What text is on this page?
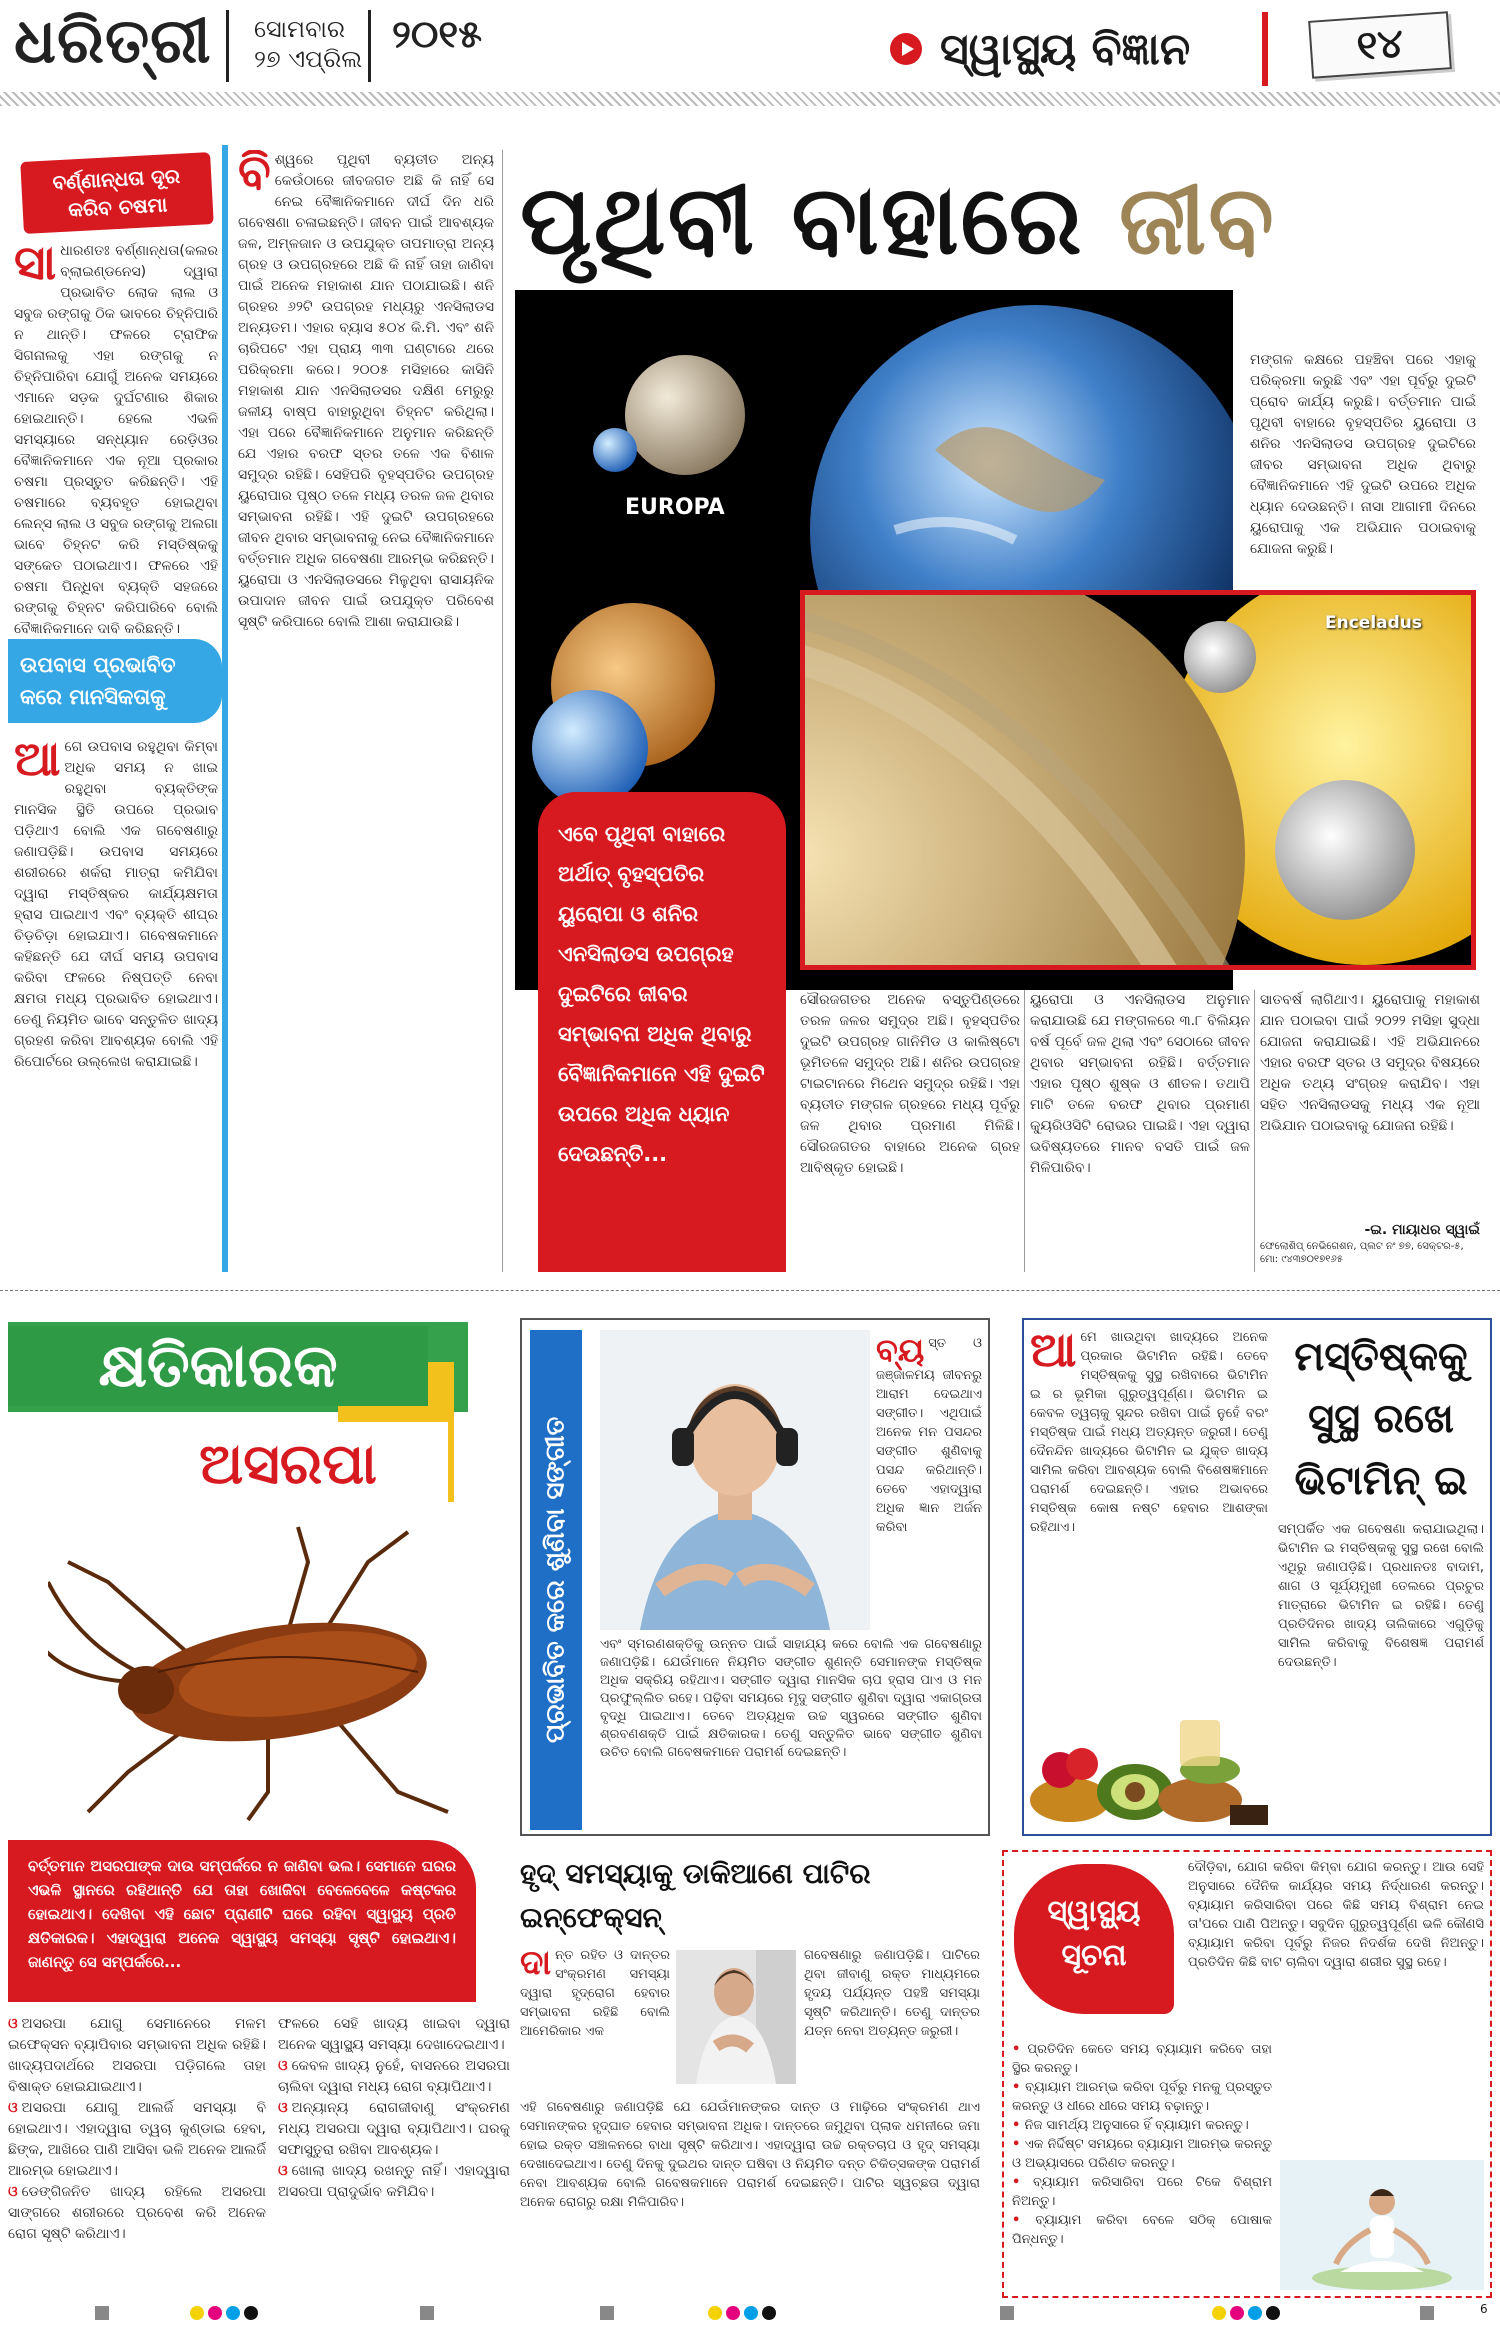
ଧରିତ୍ରୀ ସୋମବାର
୨୭ ଏପ୍ରିଲ
୨୦୧୫	ସ୍ୱାସ୍ଥ୍ୟ ବିଜ୍ଞାନ	୧୪
ବର୍ଣ୍ଣାନ୍ଧତା ଦୂର କରିବ ଚଷମା
ସାଧାରଣତଃ ବର୍ଣ୍ଣାନ୍ଧତା(କଲର ବ୍ଲାଇଣ୍ଡନେସ) ଦ୍ୱାରା ପ୍ରଭାବିତ ଲୋକ ଲାଲ ଓ ସବୁଜ ରଙ୍ଗକୁ ଠିକ ଭାବରେ ଚିହ୍ନିପାରି ନ ଥାନ୍ତି। ଫଳରେ ଟ୍ରାଫିକ ସିଗନାଲକୁ ଏହା ରଙ୍ଗକୁ ନ ଚିହ୍ନିପାରିବା ଯୋଗୁଁ ଅନେକ ସମୟରେ ଏମାନେ ସଡ଼କ ଦୁର୍ଘଟଣାର ଶିକାର ହୋଇଥାନ୍ତି। ହେଲେ ଏଭଳି ସମସ୍ୟାରେ ସନ୍ଧ୍ୟାନ ରେଡ଼ିଓର ବୈଜ୍ଞାନିକମାନେ ଏକ ନୂଆ ପ୍ରକାର ଚଷମା ପ୍ରସ୍ତୁତ କରିଛନ୍ତି। ଏହି ଚଷମାରେ ବ୍ୟବହୃତ ହୋଇଥିବା ଲେନ୍ସ ଲାଲ ଓ ସବୁଜ ରଙ୍ଗକୁ ଅଲଗା ଭାବେ ଚିହ୍ନଟ କରି ମସ୍ତିଷ୍କକୁ ସଙ୍କେତ ପଠାଇଥାଏ। ଫଳରେ ଏହି ଚଷମା ପିନ୍ଧିବା ବ୍ୟକ୍ତି ସହଜରେ ରଙ୍ଗକୁ ଚିହ୍ନଟ କରିପାରିବେ ବୋଲି ବୈଜ୍ଞାନିକମାନେ ଦାବି କରିଛନ୍ତି।
ଉପବାସ ପ୍ରଭାବିତ କରେ ମାନସିକତାକୁ
ଆଗେ ଉପବାସ ରହୁଥିବା କିମ୍ବା ଅଧିକ ସମୟ ନ ଖାଇ ରହୁଥିବା ବ୍ୟକ୍ତିଙ୍କ ମାନସିକ ସ୍ଥିତି ଉପରେ ପ୍ରଭାବ ପଡ଼ିଥାଏ ବୋଲି ଏକ ଗବେଷଣାରୁ ଜଣାପଡ଼ିଛି। ଉପବାସ ସମୟରେ ଶରୀରରେ ଶର୍କରା ମାତ୍ରା କମିଯିବା ଦ୍ୱାରା ମସ୍ତିଷ୍କର କାର୍ଯ୍ୟକ୍ଷମତା ହ୍ରାସ ପାଇଥାଏ ଏବଂ ବ୍ୟକ୍ତି ଶୀଘ୍ର ଚିଡ଼ଚିଡ଼ା ହୋଇଯାଏ। ଗବେଷକମାନେ କହିଛନ୍ତି ଯେ ଦୀର୍ଘ ସମୟ ଉପବାସ କରିବା ଫଳରେ ନିଷ୍ପତ୍ତି ନେବା କ୍ଷମତା ମଧ୍ୟ ପ୍ରଭାବିତ ହୋଇଥାଏ। ତେଣୁ ନିୟମିତ ଭାବେ ସନ୍ତୁଳିତ ଖାଦ୍ୟ ଗ୍ରହଣ କରିବା ଆବଶ୍ୟକ ବୋଲି ଏହି ରିପୋର୍ଟରେ ଉଲ୍ଲେଖ କରାଯାଇଛି।
ବିଶ୍ୱରେ ପୃଥିବୀ ବ୍ୟତୀତ ଅନ୍ୟ କେଉଁଠାରେ ଜୀବଜଗତ ଅଛି କି ନାହିଁ ସେ ନେଇ ବୈଜ୍ଞାନିକମାନେ ଦୀର୍ଘ ଦିନ ଧରି ଗବେଷଣା ଚଳାଇଛନ୍ତି। ଜୀବନ ପାଇଁ ଆବଶ୍ୟକ ଜଳ, ଅମ୍ଳଜାନ ଓ ଉପଯୁକ୍ତ ତାପମାତ୍ରା ଅନ୍ୟ ଗ୍ରହ ଓ ଉପଗ୍ରହରେ ଅଛି କି ନାହିଁ ତାହା ଜାଣିବା ପାଇଁ ଅନେକ ମହାକାଶ ଯାନ ପଠାଯାଇଛି। ଶନି ଗ୍ରହର ୬୨ଟି ଉପଗ୍ରହ ମଧ୍ୟରୁ ଏନସିଲାଡସ ଅନ୍ୟତମ। ଏହାର ବ୍ୟାସ ୫୦୪ କି.ମି. ଏବଂ ଶନି ଚାରିପଟେ ଏହା ପ୍ରାୟ ୩୩ ଘଣ୍ଟାରେ ଥରେ ପରିକ୍ରମା କରେ। ୨୦୦୫ ମସିହାରେ କାସିନି ମହାକାଶ ଯାନ ଏନସିଲାଡସର ଦକ୍ଷିଣ ମେରୁରୁ ଜଳୀୟ ବାଷ୍ପ ବାହାରୁଥିବା ଚିହ୍ନଟ କରିଥିଲା। ଏହା ପରେ ବୈଜ୍ଞାନିକମାନେ ଅନୁମାନ କରିଛନ୍ତି ଯେ ଏହାର ବରଫ ସ୍ତର ତଳେ ଏକ ବିଶାଳ ସମୁଦ୍ର ରହିଛି। ସେହିପରି ବୃହସ୍ପତିର ଉପଗ୍ରହ ୟୁରୋପାର ପୃଷ୍ଠ ତଳେ ମଧ୍ୟ ତରଳ ଜଳ ଥିବାର ସମ୍ଭାବନା ରହିଛି। ଏହି ଦୁଇଟି ଉପଗ୍ରହରେ ଜୀବନ ଥିବାର ସମ୍ଭାବନାକୁ ନେଇ ବୈଜ୍ଞାନିକମାନେ ବର୍ତ୍ତମାନ ଅଧିକ ଗବେଷଣା ଆରମ୍ଭ କରିଛନ୍ତି। ୟୁରୋପା ଓ ଏନସିଲାଡସରେ ମିଳୁଥିବା ରାସାୟନିକ ଉପାଦାନ ଜୀବନ ପାଇଁ ଉପଯୁକ୍ତ ପରିବେଶ ସୃଷ୍ଟି କରିପାରେ ବୋଲି ଆଶା କରାଯାଉଛି।
ପୃଥିବୀ ବାହାରେ ଜୀବ
EUROPA
Enceladus
ମଙ୍ଗଳ କକ୍ଷରେ ପହଞ୍ଚିବା ପରେ ଏହାକୁ ପରିକ୍ରମା କରୁଛି ଏବଂ ଏହା ପୂର୍ବରୁ ଦୁଇଟି ପ୍ରୋବ କାର୍ଯ୍ୟ କରୁଛି। ବର୍ତ୍ତମାନ ପାଇଁ ପୃଥିବୀ ବାହାରେ ବୃହସ୍ପତିର ୟୁରୋପା ଓ ଶନିର ଏନସିଲାଡସ ଉପଗ୍ରହ ଦୁଇଟିରେ ଜୀବର ସମ୍ଭାବନା ଅଧିକ ଥିବାରୁ ବୈଜ୍ଞାନିକମାନେ ଏହି ଦୁଇଟି ଉପରେ ଅଧିକ ଧ୍ୟାନ ଦେଉଛନ୍ତି। ନାସା ଆଗାମୀ ଦିନରେ ୟୁରୋପାକୁ ଏକ ଅଭିଯାନ ପଠାଇବାକୁ ଯୋଜନା କରୁଛି।
ଏବେ ପୃଥିବୀ ବାହାରେ ଅର୍ଥାତ୍ ବୃହସ୍ପତିର ୟୁରୋପା ଓ ଶନିର ଏନସିଲାଡସ ଉପଗ୍ରହ ଦୁଇଟିରେ ଜୀବର ସମ୍ଭାବନା ଅଧିକ ଥିବାରୁ ବୈଜ୍ଞାନିକମାନେ ଏହି ଦୁଇଟି ଉପରେ ଅଧିକ ଧ୍ୟାନ ଦେଉଛନ୍ତି...
ସୌରଜଗତର ଅନେକ ବସ୍ତୁପିଣ୍ଡରେ ତରଳ ଜଳର ସମୁଦ୍ର ଅଛି। ବୃହସ୍ପତିର ଦୁଇଟି ଉପଗ୍ରହ ଗାନିମିଡ ଓ କାଲିଷ୍ଟୋ ଭୂମିତଳେ ସମୁଦ୍ର ଅଛି। ଶନିର ଉପଗ୍ରହ ଟାଇଟାନରେ ମିଥେନ ସମୁଦ୍ର ରହିଛି। ଏହା ବ୍ୟତୀତ ମଙ୍ଗଳ ଗ୍ରହରେ ମଧ୍ୟ ପୂର୍ବରୁ ଜଳ ଥିବାର ପ୍ରମାଣ ମିଳିଛି। ସୌରଜଗତର ବାହାରେ ଅନେକ ଗ୍ରହ ଆବିଷ୍କୃତ ହୋଇଛି।
ୟୁରୋପା ଓ ଏନସିଲାଡସ ଅନୁମାନ କରାଯାଉଛି ଯେ ମଙ୍ଗଳରେ ୩.୮ ବିଲିୟନ ବର୍ଷ ପୂର୍ବେ ଜଳ ଥିଲା ଏବଂ ସେଠାରେ ଜୀବନ ଥିବାର ସମ୍ଭାବନା ରହିଛି। ବର୍ତ୍ତମାନ ଏହାର ପୃଷ୍ଠ ଶୁଷ୍କ ଓ ଶୀତଳ। ତଥାପି ମାଟି ତଳେ ବରଫ ଥିବାର ପ୍ରମାଣ କ୍ୟୁରିଓସିଟି ରୋଭର ପାଇଛି। ଏହା ଦ୍ୱାରା ଭବିଷ୍ୟତରେ ମାନବ ବସତି ପାଇଁ ଜଳ ମିଳିପାରିବ।
ସାତବର୍ଷ ଲାଗିଥାଏ। ୟୁରୋପାକୁ ମହାକାଶ ଯାନ ପଠାଇବା ପାଇଁ ୨୦୨୨ ମସିହା ସୁଦ୍ଧା ଯୋଜନା କରାଯାଇଛି। ଏହି ଅଭିଯାନରେ ଏହାର ବରଫ ସ୍ତର ଓ ସମୁଦ୍ର ବିଷୟରେ ଅଧିକ ତଥ୍ୟ ସଂଗ୍ରହ କରାଯିବ। ଏହା ସହିତ ଏନସିଲାଡସକୁ ମଧ୍ୟ ଏକ ନୂଆ ଅଭିଯାନ ପଠାଇବାକୁ ଯୋଜନା ରହିଛି।
-ଇ. ମାୟାଧର ସ୍ୱାଇଁ
ଫେଲୋଶିପ୍ ନେଭିଗେଶନ, ପ୍ଲଟ ନଂ ୭୭, ସେକ୍ଟର-୫, ମୋ: ୯୪୩୭୦୧୭୧୬୫
କ୍ଷତିକାରକ
ଅସରପା
ବର୍ତ୍ତମାନ ଅସରପାଙ୍କ ଦାଉ ସମ୍ପର୍କରେ ନ ଜାଣିବା ଭଲ। ସେମାନେ ଘରର ଏଭଳି ସ୍ଥାନରେ ରହିଥାନ୍ତି ଯେ ତାହା ଖୋଜିବା ବେଳେବେଳେ କଷ୍ଟକର ହୋଇଥାଏ। ଦେଖିବା ଏହି ଛୋଟ ପ୍ରାଣୀଟି ଘରେ ରହିବା ସ୍ୱାସ୍ଥ୍ୟ ପ୍ରତି କ୍ଷତିକାରକ। ଏହାଦ୍ୱାରା ଅନେକ ସ୍ୱାସ୍ଥ୍ୟ ସମସ୍ୟା ସୃଷ୍ଟି ହୋଇଥାଏ। ଜାଣନ୍ତୁ ସେ ସମ୍ପର୍କରେ...

ଓ ଅସରପା ଯୋଗୁ ସେମାନେରେ ମଳମ ଇଫେକ୍ସନ ବ୍ୟାପିବାର ସମ୍ଭାବନା ଅଧିକ ରହିଛି। ଖାଦ୍ୟପଦାର୍ଥରେ ଅସରପା ପଡ଼ିଗଲେ ତାହା ବିଷାକ୍ତ ହୋଇଯାଇଥାଏ।

ଓ ଅସରପା ଯୋଗୁ ଆଲର୍ଜି ସମସ୍ୟା ବି ହୋଇଥାଏ। ଏହାଦ୍ୱାରା ତ୍ୱଚା କୁଣ୍ଡାଇ ହେବା, ଛିଙ୍କ, ଆଖିରେ ପାଣି ଆସିବା ଭଳି ଅନେକ ଆଲର୍ଜି ଆରମ୍ଭ ହୋଇଥାଏ।

ଓ ଡେଙ୍ଗିଜନିତ ଖାଦ୍ୟ ରହିଲେ ଅସରପା ସାଙ୍ଗରେ ଶରୀରରେ ପ୍ରବେଶ କରି ଅନେକ ରୋଗ ସୃଷ୍ଟି କରିଥାଏ।

ଫଳରେ ସେହି ଖାଦ୍ୟ ଖାଇବା ଦ୍ୱାରା ଅନେକ ସ୍ୱାସ୍ଥ୍ୟ ସମସ୍ୟା ଦେଖାଦେଇଥାଏ।

ଓ କେବଳ ଖାଦ୍ୟ ନୁହେଁ, ବାସନରେ ଅସରପା ଚାଲିବା ଦ୍ୱାରା ମଧ୍ୟ ରୋଗ ବ୍ୟାପିଥାଏ।

ଓ ଅନ୍ୟାନ୍ୟ ରୋଗଜୀବାଣୁ ସଂକ୍ରମଣ ମଧ୍ୟ ଅସରପା ଦ୍ୱାରା ବ୍ୟାପିଥାଏ। ଘରକୁ ସଫାସୁତୁରା ରଖିବା ଆବଶ୍ୟକ।

ଓ ଖୋଲା ଖାଦ୍ୟ ରଖନ୍ତୁ ନାହିଁ। ଏହାଦ୍ୱାରା ଅସରପା ପ୍ରାଦୁର୍ଭାବ କମିଯିବ।

ପ୍ରଭାବିତ କରେ ଶୁଣିବା ସଙ୍ଗୀତ
ବ୍ୟ ସ୍ତ ଓ ଜଞ୍ଜାଳମୟ ଜୀବନରୁ ଆରାମ ଦେଇଥାଏ ସଙ୍ଗୀତ। ଏଥିପାଇଁ ଅନେକ ମନ ପସନ୍ଦର ସଙ୍ଗୀତ ଶୁଣିବାକୁ ପସନ୍ଦ କରିଥାନ୍ତି। ତେବେ ଏହାଦ୍ୱାରା ଅଧିକ ଜ୍ଞାନ ଅର୍ଜନ କରିବା
ଏବଂ ସ୍ମରଣଶକ୍ତିକୁ ଉନ୍ନତ ପାଇଁ ସାହାଯ୍ୟ କରେ ବୋଲି ଏକ ଗବେଷଣାରୁ ଜଣାପଡ଼ିଛି। ଯେଉଁମାନେ ନିୟମିତ ସଙ୍ଗୀତ ଶୁଣନ୍ତି ସେମାନଙ୍କ ମସ୍ତିଷ୍କ ଅଧିକ ସକ୍ରିୟ ରହିଥାଏ। ସଙ୍ଗୀତ ଦ୍ୱାରା ମାନସିକ ଚାପ ହ୍ରାସ ପାଏ ଓ ମନ ପ୍ରଫୁଲ୍ଲିତ ରହେ। ପଢ଼ିବା ସମୟରେ ମୃଦୁ ସଙ୍ଗୀତ ଶୁଣିବା ଦ୍ୱାରା ଏକାଗ୍ରତା ବୃଦ୍ଧି ପାଇଥାଏ। ତେବେ ଅତ୍ୟଧିକ ଉଚ୍ଚ ସ୍ୱରରେ ସଙ୍ଗୀତ ଶୁଣିବା ଶ୍ରବଣଶକ୍ତି ପାଇଁ କ୍ଷତିକାରକ। ତେଣୁ ସନ୍ତୁଳିତ ଭାବେ ସଙ୍ଗୀତ ଶୁଣିବା ଉଚିତ ବୋଲି ଗବେଷକମାନେ ପରାମର୍ଶ ଦେଇଛନ୍ତି।
ଆମେ ଖାଉଥିବା ଖାଦ୍ୟରେ ଅନେକ ପ୍ରକାର ଭିଟାମିନ ରହିଛି। ତେବେ ମସ୍ତିଷ୍କକୁ ସୁସ୍ଥ ରଖିବାରେ ଭିଟାମିନ ଇ ର ଭୂମିକା ଗୁରୁତ୍ୱପୂର୍ଣ୍ଣ। ଭିଟାମିନ ଇ କେବଳ ତ୍ୱଚାକୁ ସୁନ୍ଦର ରଖିବା ପାଇଁ ନୁହେଁ ବରଂ ମସ୍ତିଷ୍କ ପାଇଁ ମଧ୍ୟ ଅତ୍ୟନ୍ତ ଜରୁରୀ। ତେଣୁ ଦୈନନ୍ଦିନ ଖାଦ୍ୟରେ ଭିଟାମିନ ଇ ଯୁକ୍ତ ଖାଦ୍ୟ ସାମିଲ କରିବା ଆବଶ୍ୟକ ବୋଲି ବିଶେଷଜ୍ଞମାନେ ପରାମର୍ଶ ଦେଇଛନ୍ତି। ଏହାର ଅଭାବରେ ମସ୍ତିଷ୍କ କୋଷ ନଷ୍ଟ ହେବାର ଆଶଙ୍କା ରହିଥାଏ।
ମସ୍ତିଷ୍କକୁ ସୁସ୍ଥ ରଖେ ଭିଟାମିନ୍ ଇ
ସମ୍ପର୍କିତ ଏକ ଗବେଷଣା କରାଯାଇଥିଲା। ଭିଟାମିନ ଇ ମସ୍ତିଷ୍କକୁ ସୁସ୍ଥ ରଖେ ବୋଲି ଏଥିରୁ ଜଣାପଡ଼ିଛି। ପ୍ରଧାନତଃ ବାଦାମ, ଶାଗ ଓ ସୂର୍ଯ୍ୟମୁଖୀ ତେଲରେ ପ୍ରଚୁର ମାତ୍ରାରେ ଭିଟାମିନ ଇ ରହିଛି। ତେଣୁ ପ୍ରତିଦିନର ଖାଦ୍ୟ ତାଲିକାରେ ଏଗୁଡ଼ିକୁ ସାମିଲ କରିବାକୁ ବିଶେଷଜ୍ଞ ପରାମର୍ଶ ଦେଉଛନ୍ତି।
ହୃଦ୍ ସମସ୍ୟାକୁ ଡାକିଆଣେ ପାଟିର ଇନ୍‌ଫେକ୍ସନ୍
ଦାନ୍ତ ରହିତ ଓ ଦାନ୍ତର ସଂକ୍ରମଣ ସମସ୍ୟା ଦ୍ୱାରା ହୃଦ୍‌ରୋଗ ହେବାର ସମ୍ଭାବନା ରହିଛି ବୋଲି ଆମେରିକାର ଏକ
ଗବେଷଣାରୁ ଜଣାପଡ଼ିଛି। ପାଟିରେ ଥିବା ଜୀବାଣୁ ରକ୍ତ ମାଧ୍ୟମରେ ହୃଦୟ ପର୍ଯ୍ୟନ୍ତ ପହଞ୍ଚି ସମସ୍ୟା ସୃଷ୍ଟି କରିଥାନ୍ତି। ତେଣୁ ଦାନ୍ତର ଯତ୍ନ ନେବା ଅତ୍ୟନ୍ତ ଜରୁରୀ।
ଏହି ଗବେଷଣାରୁ ଜଣାପଡ଼ିଛି ଯେ ଯେଉଁମାନଙ୍କର ଦାନ୍ତ ଓ ମାଢ଼ିରେ ସଂକ୍ରମଣ ଥାଏ ସେମାନଙ୍କର ହୃଦ୍‌ଘାତ ହେବାର ସମ୍ଭାବନା ଅଧିକ। ଦାନ୍ତରେ ଜମୁଥିବା ପ୍ଲାକ ଧମନୀରେ ଜମା ହୋଇ ରକ୍ତ ସଞ୍ଚାଳନରେ ବାଧା ସୃଷ୍ଟି କରିଥାଏ। ଏହାଦ୍ୱାରା ଉଚ୍ଚ ରକ୍ତଚାପ ଓ ହୃଦ୍ ସମସ୍ୟା ଦେଖାଦେଇଥାଏ। ତେଣୁ ଦିନକୁ ଦୁଇଥର ଦାନ୍ତ ଘଷିବା ଓ ନିୟମିତ ଦନ୍ତ ଚିକିତ୍ସକଙ୍କ ପରାମର୍ଶ ନେବା ଆବଶ୍ୟକ ବୋଲି ଗବେଷକମାନେ ପରାମର୍ଶ ଦେଇଛନ୍ତି। ପାଟିର ସ୍ୱଚ୍ଛତା ଦ୍ୱାରା ଅନେକ ରୋଗରୁ ରକ୍ଷା ମିଳିପାରିବ।
ସ୍ୱାସ୍ଥ୍ୟ ସୂଚନା
ଦୌଡ଼ିବା, ଯୋଗ କରିବା କିମ୍ବା ଯୋଗ କରନ୍ତୁ। ଆଉ ସେହି ଅନୁସାରେ ଦୈନିକ କାର୍ଯ୍ୟର ସମୟ ନିର୍ଦ୍ଧାରଣ କରନ୍ତୁ। ବ୍ୟାୟାମ କରିସାରିବା ପରେ କିଛି ସମୟ ବିଶ୍ରାମ ନେଇ ତା'ପରେ ପାଣି ପିଅନ୍ତୁ। ସବୁଦିନ ଗୁରୁତ୍ୱପୂର୍ଣ୍ଣ ଭଳି କୌଣସି ବ୍ୟାୟାମ କରିବା ପୂର୍ବରୁ ନିଜର ନିଦର୍ଶକ ଦେଖି ନିଅନ୍ତୁ। ପ୍ରତିଦିନ କିଛି ବାଟ ଚାଲିବା ଦ୍ୱାରା ଶରୀର ସୁସ୍ଥ ରହେ।

• ପ୍ରତିଦିନ କେତେ ସମୟ ବ୍ୟାୟାମ କରିବେ ତାହା ସ୍ଥିର କରନ୍ତୁ।

• ବ୍ୟାୟାମ ଆରମ୍ଭ କରିବା ପୂର୍ବରୁ ମନକୁ ପ୍ରସ୍ତୁତ କରନ୍ତୁ ଓ ଧୀରେ ଧୀରେ ସମୟ ବଢ଼ାନ୍ତୁ।

• ନିଜ ସାମର୍ଥ୍ୟ ଅନୁସାରେ ହିଁ ବ୍ୟାୟାମ କରନ୍ତୁ।

• ଏକ ନିର୍ଦ୍ଦିଷ୍ଟ ସମୟରେ ବ୍ୟାୟାମ ଆରମ୍ଭ କରନ୍ତୁ ଓ ଅଭ୍ୟାସରେ ପରିଣତ କରନ୍ତୁ।

• ବ୍ୟାୟାମ କରିସାରିବା ପରେ ଟିକେ ବିଶ୍ରାମ ନିଅନ୍ତୁ।

• ବ୍ୟାୟାମ କରିବା ବେଳେ ସଠିକ୍ ପୋଷାକ ପିନ୍ଧନ୍ତୁ।

6
